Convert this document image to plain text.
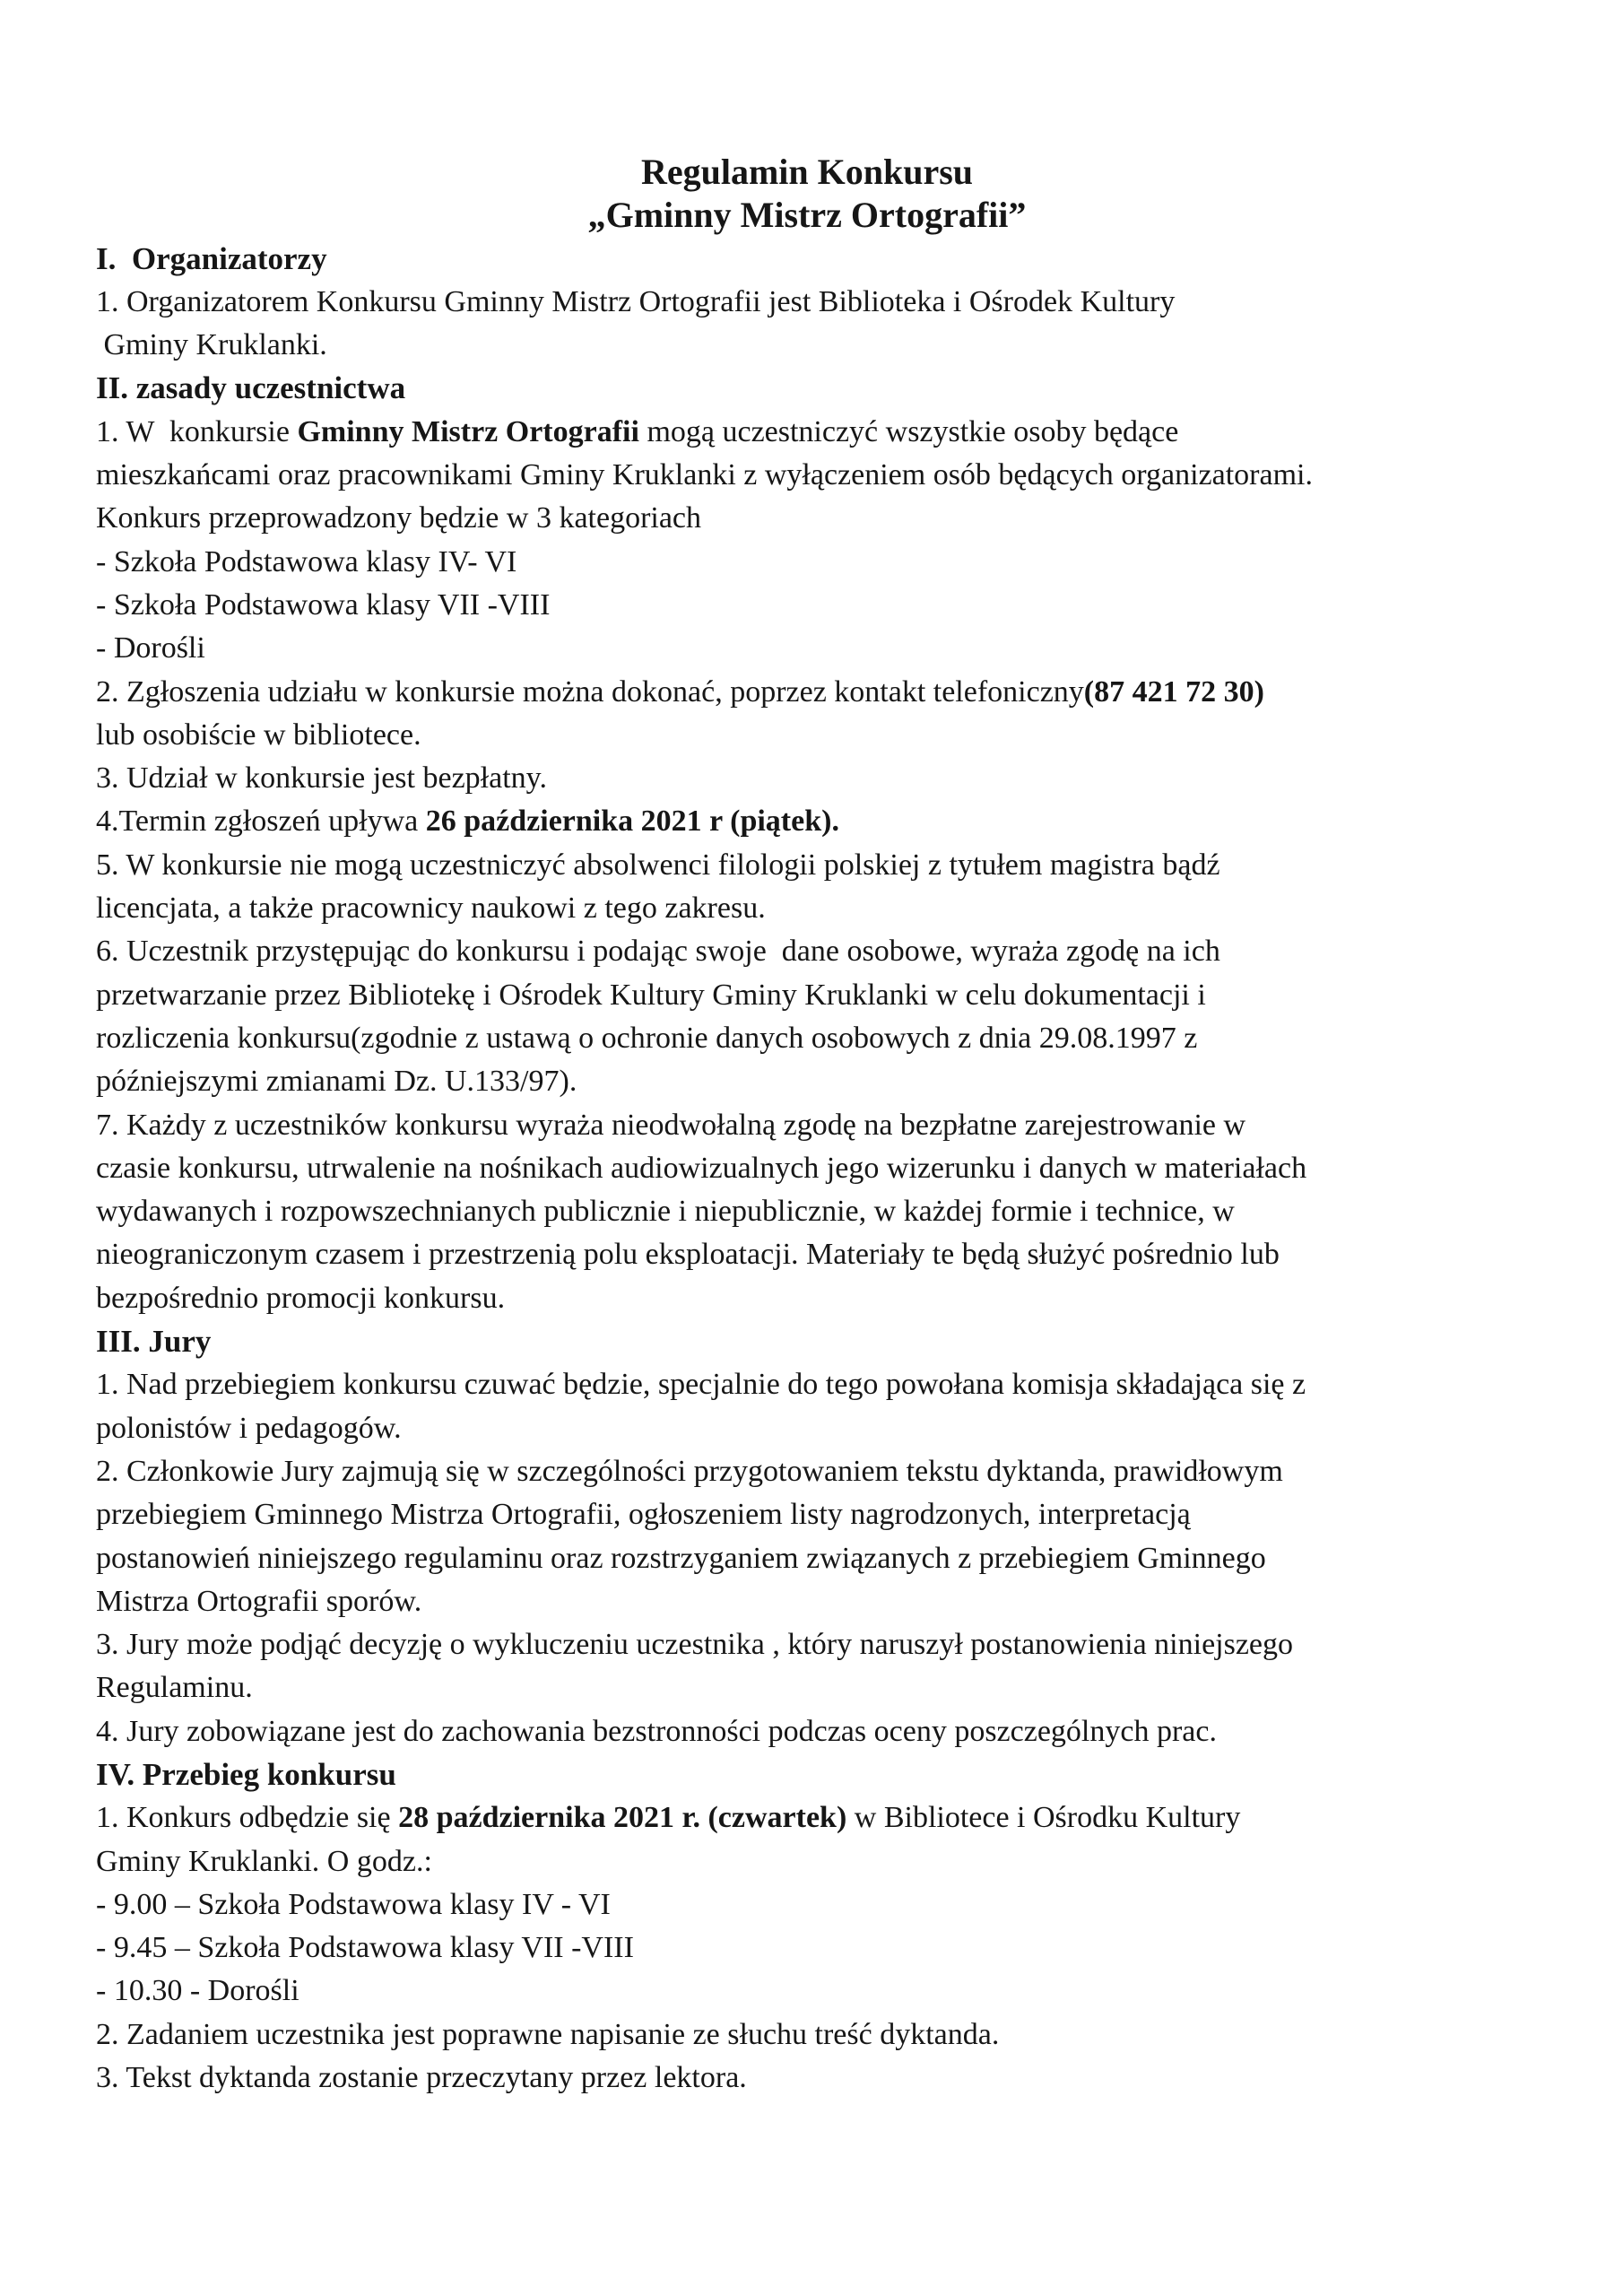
Regulamin Konkursu
„Gminny Mistrz Ortografii”
I.  Organizatorzy
1. Organizatorem Konkursu Gminny Mistrz Ortografii jest Biblioteka i Ośrodek Kultury
Gminy Kruklanki.
II. zasady uczestnictwa
1. W  konkursie Gminny Mistrz Ortografii mogą uczestniczyć wszystkie osoby będące
mieszkańcami oraz pracownikami Gminy Kruklanki z wyłączeniem osób będących organizatorami.
Konkurs przeprowadzony będzie w 3 kategoriach
- Szkoła Podstawowa klasy IV- VI
- Szkoła Podstawowa klasy VII -VIII
- Dorośli
2. Zgłoszenia udziału w konkursie można dokonać, poprzez kontakt telefoniczny(87 421 72 30)
lub osobiście w bibliotece.
3. Udział w konkursie jest bezpłatny.
4.Termin zgłoszeń upływa 26 października 2021 r (piątek).
5. W konkursie nie mogą uczestniczyć absolwenci filologii polskiej z tytułem magistra bądź
licencjata, a także pracownicy naukowi z tego zakresu.
6. Uczestnik przystępując do konkursu i podając swoje  dane osobowe, wyraża zgodę na ich
przetwarzanie przez Bibliotekę i Ośrodek Kultury Gminy Kruklanki w celu dokumentacji i
rozliczenia konkursu(zgodnie z ustawą o ochronie danych osobowych z dnia 29.08.1997 z
późniejszymi zmianami Dz. U.133/97).
7. Każdy z uczestników konkursu wyraża nieodwołalną zgodę na bezpłatne zarejestrowanie w
czasie konkursu, utrwalenie na nośnikach audiowizualnych jego wizerunku i danych w materiałach
wydawanych i rozpowszechnianych publicznie i niepublicznie, w każdej formie i technice, w
nieograniczonym czasem i przestrzenią polu eksploatacji. Materiały te będą służyć pośrednio lub
bezpośrednio promocji konkursu.
III. Jury
1. Nad przebiegiem konkursu czuwać będzie, specjalnie do tego powołana komisja składająca się z
polonistów i pedagogów.
2. Członkowie Jury zajmują się w szczególności przygotowaniem tekstu dyktanda, prawidłowym
przebiegiem Gminnego Mistrza Ortografii, ogłoszeniem listy nagrodzonych, interpretacją
postanowień niniejszego regulaminu oraz rozstrzyganiem związanych z przebiegiem Gminnego
Mistrza Ortografii sporów.
3. Jury może podjąć decyzję o wykluczeniu uczestnika , który naruszył postanowienia niniejszego
Regulaminu.
4. Jury zobowiązane jest do zachowania bezstronności podczas oceny poszczególnych prac.
IV. Przebieg konkursu
1. Konkurs odbędzie się 28 października 2021 r. (czwartek) w Bibliotece i Ośrodku Kultury
Gminy Kruklanki. O godz.:
- 9.00 – Szkoła Podstawowa klasy IV - VI
- 9.45 – Szkoła Podstawowa klasy VII -VIII
- 10.30 - Dorośli
2. Zadaniem uczestnika jest poprawne napisanie ze słuchu treść dyktanda.
3. Tekst dyktanda zostanie przeczytany przez lektora.
